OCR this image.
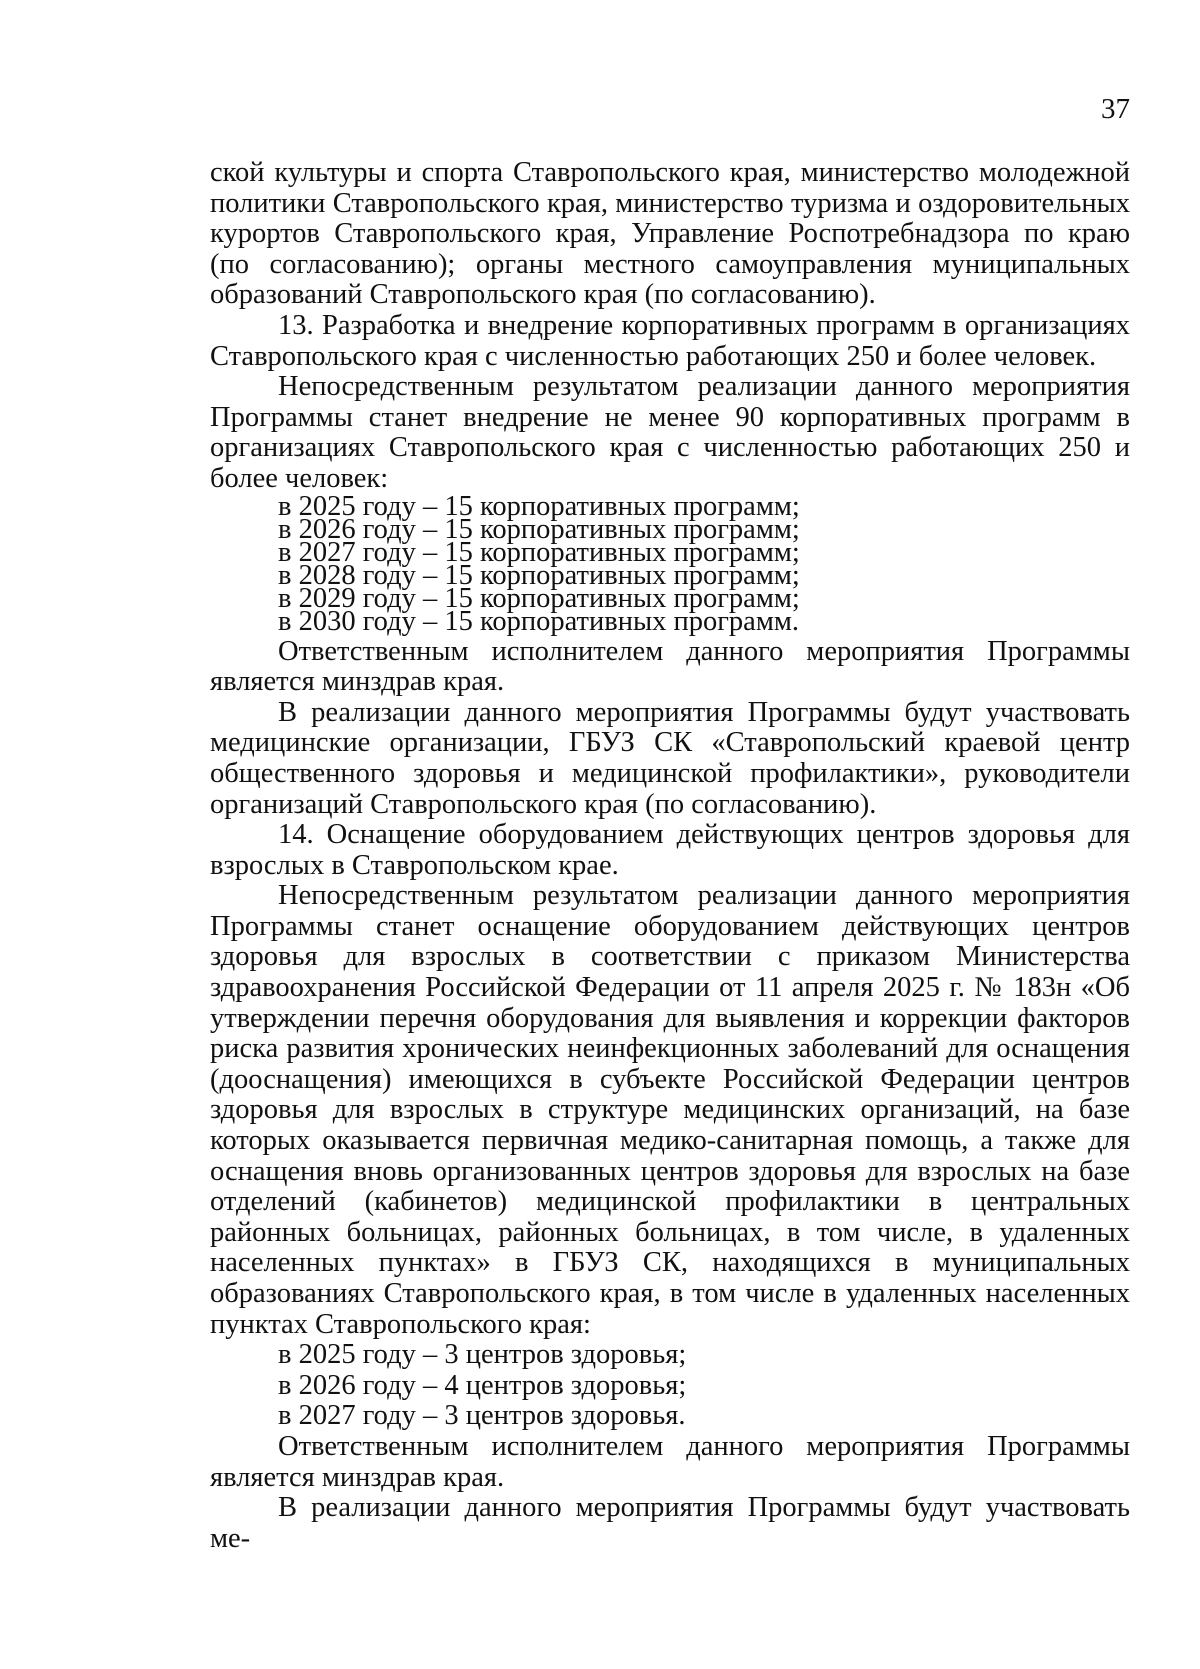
37

ской культуры и спорта Ставропольского края, министерство молодежной политики Ставропольского края, министерство туризма и оздоровительных курортов Ставропольского края, Управление Роспотребнадзора по краю (по согласованию); органы местного самоуправления муниципальных образований Ставропольского края (по согласованию).

13. Разработка и внедрение корпоративных программ в организациях Ставропольского края с численностью работающих 250 и более человек.

Непосредственным результатом реализации данного мероприятия Программы станет внедрение не менее 90 корпоративных программ в организациях Ставропольского края с численностью работающих 250 и более человек:

в 2025 году – 15 корпоративных программ;
в 2026 году – 15 корпоративных программ;
в 2027 году – 15 корпоративных программ;
в 2028 году – 15 корпоративных программ;
в 2029 году – 15 корпоративных программ;
в 2030 году – 15 корпоративных программ.

Ответственным исполнителем данного мероприятия Программы является минздрав края.

В реализации данного мероприятия Программы будут участвовать медицинские организации, ГБУЗ СК «Ставропольский краевой центр общественного здоровья и медицинской профилактики», руководители организаций Ставропольского края (по согласованию).

14. Оснащение оборудованием действующих центров здоровья для взрослых в Ставропольском крае.

Непосредственным результатом реализации данного мероприятия Программы станет оснащение оборудованием действующих центров здоровья для взрослых в соответствии с приказом Министерства здравоохранения Российской Федерации от 11 апреля 2025 г. № 183н «Об утверждении перечня оборудования для выявления и коррекции факторов риска развития хронических неинфекционных заболеваний для оснащения (дооснащения) имеющихся в субъекте Российской Федерации центров здоровья для взрослых в структуре медицинских организаций, на базе которых оказывается первичная медико-санитарная помощь, а также для оснащения вновь организованных центров здоровья для взрослых на базе отделений (кабинетов) медицинской профилактики в центральных районных больницах, районных больницах, в том числе, в удаленных населенных пунктах» в ГБУЗ СК, находящихся в муниципальных образованиях Ставропольского края, в том числе в удаленных населенных пунктах Ставропольского края:

в 2025 году – 3 центров здоровья;
в 2026 году – 4 центров здоровья;
в 2027 году – 3 центров здоровья.

Ответственным исполнителем данного мероприятия Программы является минздрав края.

В реализации данного мероприятия Программы будут участвовать ме-
